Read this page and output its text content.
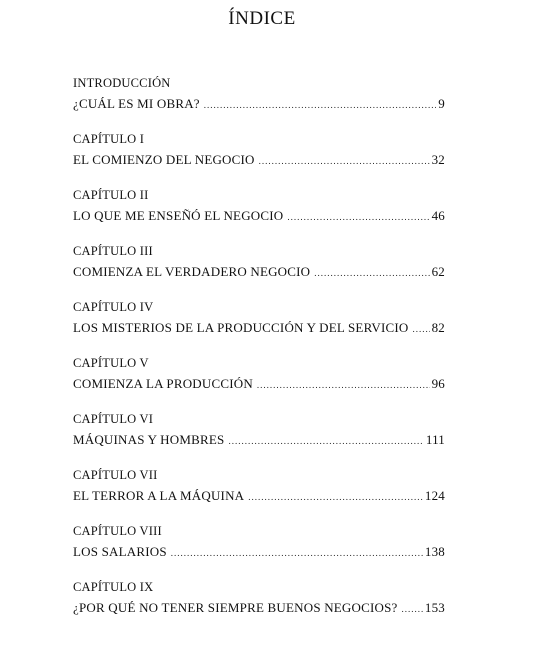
ÍNDICE
INTRODUCCIÓN
¿CUÁL ES MI OBRA? .....	9
CAPÍTULO I
EL COMIENZO DEL NEGOCIO .....	32
CAPÍTULO II
LO QUE ME ENSEÑÓ EL NEGOCIO .....	46
CAPÍTULO III
COMIENZA EL VERDADERO NEGOCIO .....	62
CAPÍTULO IV
LOS MISTERIOS DE LA PRODUCCIÓN Y DEL SERVICIO ..... 82
CAPÍTULO V
COMIENZA LA PRODUCCIÓN .....	96
CAPÍTULO VI
MÁQUINAS Y HOMBRES .....	111
CAPÍTULO VII
EL TERROR A LA MÁQUINA .....	124
CAPÍTULO VIII
LOS SALARIOS .....	138
CAPÍTULO IX
¿POR QUÉ NO TENER SIEMPRE BUENOS NEGOCIOS? ..... 153
